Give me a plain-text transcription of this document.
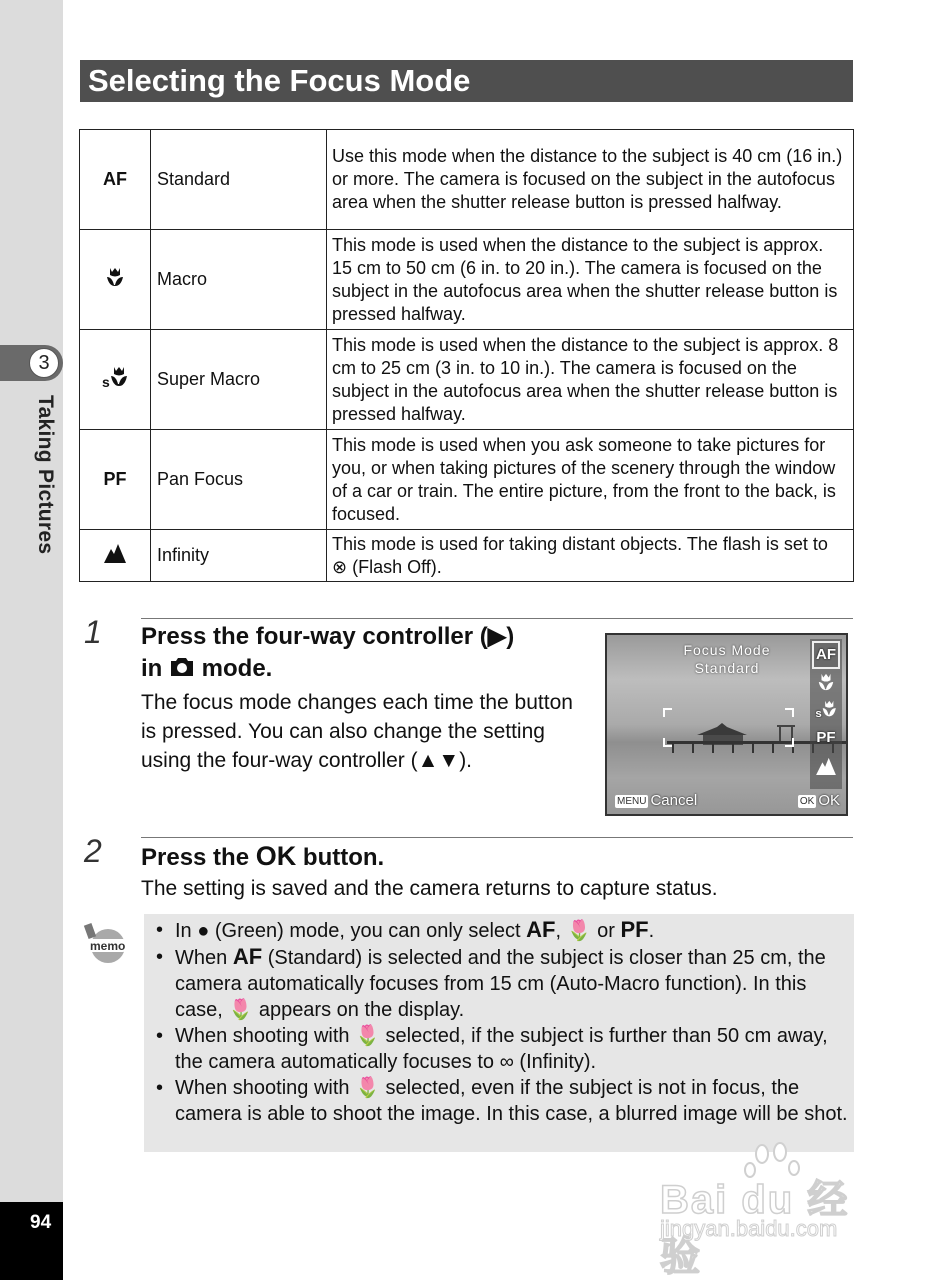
3
Taking Pictures
94
Selecting the Focus Mode
AF	Standard	Use this mode when the distance to the subject is 40 cm (16 in.) or more. The camera is focused on the subject in the autofocus area when the shutter release button is pressed halfway.
	Macro	This mode is used when the distance to the subject is approx. 15 cm to 50 cm (6 in. to 20 in.). The camera is focused on the subject in the autofocus area when the shutter release button is pressed halfway.

s	Super Macro	This mode is used when the distance to the subject is approx. 8 cm to 25 cm (3 in. to 10 in.). The camera is focused on the subject in the autofocus area when the shutter release button is pressed halfway.
PF	Pan Focus	This mode is used when you ask someone to take pictures for you, or when taking pictures of the scenery through the window of a car or train. The entire picture, from the front to the back, is focused.
	Infinity	This mode is used for taking distant objects. The flash is set to ⊗ (Flash Off).
1 Press the four-way controller (▶)
in mode.
The focus mode changes each time the button is pressed. You can also change the setting using the four-way controller (▲▼).
Focus Mode
Standard
AF
s
PF
MENU Cancel	OK OK
2 Press the OK button.
The setting is saved and the camera returns to capture status.
memo
• In ● (Green) mode, you can only select AF, 🌷 or PF.
• When AF (Standard) is selected and the subject is closer than 25 cm, the camera automatically focuses from 15 cm (Auto-Macro function). In this case, 🌷 appears on the display.
• When shooting with 🌷 selected, if the subject is further than 50 cm away, the camera automatically focuses to ∞ (Infinity).
• When shooting with 🌷 selected, even if the subject is not in focus, the camera is able to shoot the image. In this case, a blurred image will be shot.
Bai du 经验
jingyan.baidu.com
